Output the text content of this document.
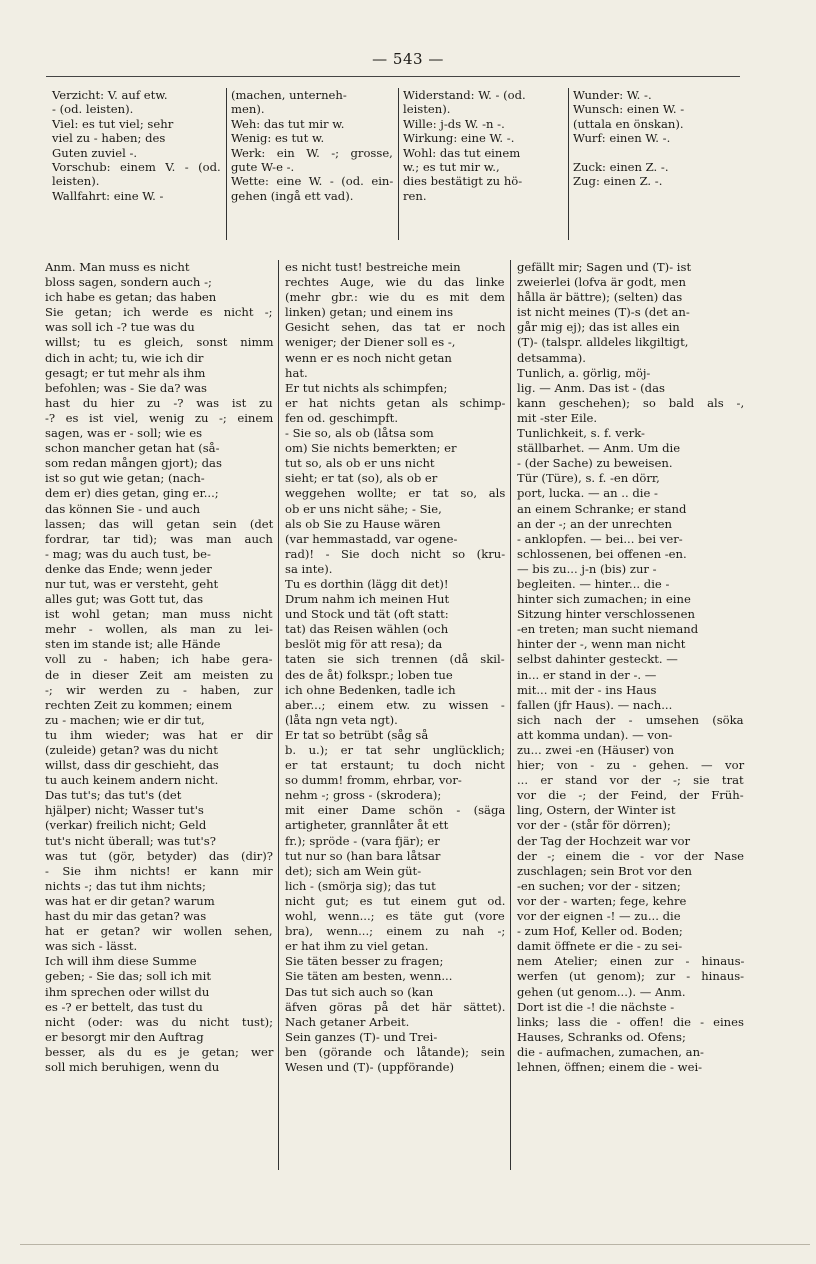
— 543 —
Verzicht: V. auf etw.
- (od. leisten).
Viel: es tut viel; sehr
viel zu - haben; des
Guten zuviel -.
Vorschub: einem V. - (od.
leisten).
Wallfahrt: eine W. -
(machen, unterneh-
men).
Weh: das tut mir w.
Wenig: es tut w.
Werk: ein W. -; grosse,
gute W-e -.
Wette: eine W. - (od. ein-
gehen (ingå ett vad).
Widerstand: W. - (od.
leisten).
Wille: j-ds W. -n -.
Wirkung: eine W. -.
Wohl: das tut einem
w.; es tut mir w.,
dies bestätigt zu hö-
ren.
Wunder: W. -.
Wunsch: einen W. -
(uttala en önskan).
Wurf: einen W. -.

Zuck: einen Z. -.
Zug: einen Z. -.
Anm. Man muss es nicht
bloss sagen, sondern auch -;
ich habe es getan; das haben
Sie getan; ich werde es nicht -;
was soll ich -? tue was du
willst; tu es gleich, sonst nimm
dich in acht; tu, wie ich dir
gesagt; er tut mehr als ihm
befohlen; was - Sie da? was
hast du hier zu -? was ist zu
-? es ist viel, wenig zu -; einem
sagen, was er - soll; wie es
schon mancher getan hat (så-
som redan mången gjort); das
ist so gut wie getan; (nach-
dem er) dies getan, ging er...;
das können Sie - und auch
lassen; das will getan sein (det
fordrar, tar tid); was man auch
- mag; was du auch tust, be-
denke das Ende; wenn jeder
nur tut, was er versteht, geht
alles gut; was Gott tut, das
ist wohl getan; man muss nicht
mehr - wollen, als man zu lei-
sten im stande ist; alle Hände
voll zu - haben; ich habe gera-
de in dieser Zeit am meisten zu
-; wir werden zu - haben, zur
rechten Zeit zu kommen; einem
zu - machen; wie er dir tut,
tu ihm wieder; was hat er dir
(zuleide) getan? was du nicht
willst, dass dir geschieht, das
tu auch keinem andern nicht.
Das tut's; das tut's (det
hjälper) nicht; Wasser tut's
(verkar) freilich nicht; Geld
tut's nicht überall; was tut's?
was tut (gör, betyder) das (dir)?
- Sie ihm nichts! er kann mir
nichts -; das tut ihm nichts;
was hat er dir getan? warum
hast du mir das getan? was
hat er getan? wir wollen sehen,
was sich - lässt.
Ich will ihm diese Summe
geben; - Sie das; soll ich mit
ihm sprechen oder willst du
es -? er bettelt, das tust du
nicht (oder: was du nicht tust);
er besorgt mir den Auftrag
besser, als du es je getan; wer
soll mich beruhigen, wenn du
es nicht tust! bestreiche mein
rechtes Auge, wie du das linke
(mehr gbr.: wie du es mit dem
linken) getan; und einem ins
Gesicht sehen, das tat er noch
weniger; der Diener soll es -,
wenn er es noch nicht getan
hat.
Er tut nichts als schimpfen;
er hat nichts getan als schimp-
fen od. geschimpft.
- Sie so, als ob (låtsa som
om) Sie nichts bemerkten; er
tut so, als ob er uns nicht
sieht; er tat (so), als ob er
weggehen wollte; er tat so, als
ob er uns nicht sähe; - Sie,
als ob Sie zu Hause wären
(var hemmastadd, var ogene-
rad)! - Sie doch nicht so (kru-
sa inte).
Tu es dorthin (lägg dit det)!
Drum nahm ich meinen Hut
und Stock und tät (oft statt:
tat) das Reisen wählen (och
beslöt mig för att resa); da
taten sie sich trennen (då skil-
des de åt) folkspr.; loben tue
ich ohne Bedenken, tadle ich
aber...; einem etw. zu wissen -
(låta ngn veta ngt).
Er tat so betrübt (såg så
b. u.); er tat sehr unglücklich;
er tat erstaunt; tu doch nicht
so dumm! fromm, ehrbar, vor-
nehm -; gross - (skrodera);
mit einer Dame schön - (säga
artigheter, grannlåter åt ett
fr.); spröde - (vara fjär); er
tut nur so (han bara låtsar
det); sich am Wein güt-
lich - (smörja sig); das tut
nicht gut; es tut einem gut od.
wohl, wenn...; es täte gut (vore
bra), wenn...; einem zu nah -;
er hat ihm zu viel getan.
Sie täten besser zu fragen;
Sie täten am besten, wenn...
Das tut sich auch so (kan
äfven göras på det här sättet).
Nach getaner Arbeit.
Sein ganzes (T)- und Trei-
ben (görande och låtande); sein
Wesen und (T)- (uppförande)
gefällt mir; Sagen und (T)- ist
zweierlei (lofva är godt, men
hålla är bättre); (selten) das
ist nicht meines (T)-s (det an-
går mig ej); das ist alles ein
(T)- (talspr. alldeles likgiltigt,
detsamma).
Tunlich, a. görlig, möj-
lig. — Anm. Das ist - (das
kann geschehen); so bald als -,
mit -ster Eile.
Tunlichkeit, s. f. verk-
ställbarhet. — Anm. Um die
- (der Sache) zu beweisen.
Tür (Türe), s. f. -en dörr,
port, lucka. — an .. die -
an einem Schranke; er stand
an der -; an der unrechten
- anklopfen. — bei... bei ver-
schlossenen, bei offenen -en.
— bis zu... j-n (bis) zur -
begleiten. — hinter... die -
hinter sich zumachen; in eine
Sitzung hinter verschlossenen
-en treten; man sucht niemand
hinter der -, wenn man nicht
selbst dahinter gesteckt. —
in... er stand in der -. —
mit... mit der - ins Haus
fallen (jfr Haus). — nach...
sich nach der - umsehen (söka
att komma undan). — von-
zu... zwei -en (Häuser) von
hier; von - zu - gehen. — vor
... er stand vor der -; sie trat
vor die -; der Feind, der Früh-
ling, Ostern, der Winter ist
vor der - (står för dörren);
der Tag der Hochzeit war vor
der -; einem die - vor der Nase
zuschlagen; sein Brot vor den
-en suchen; vor der - sitzen;
vor der - warten; fege, kehre
vor der eignen -! — zu... die
- zum Hof, Keller od. Boden;
damit öffnete er die - zu sei-
nem Atelier; einen zur - hinaus-
werfen (ut genom); zur - hinaus-
gehen (ut genom...). — Anm.
Dort ist die -! die nächste -
links; lass die - offen! die - eines
Hauses, Schranks od. Ofens;
die - aufmachen, zumachen, an-
lehnen, öffnen; einem die - wei-
